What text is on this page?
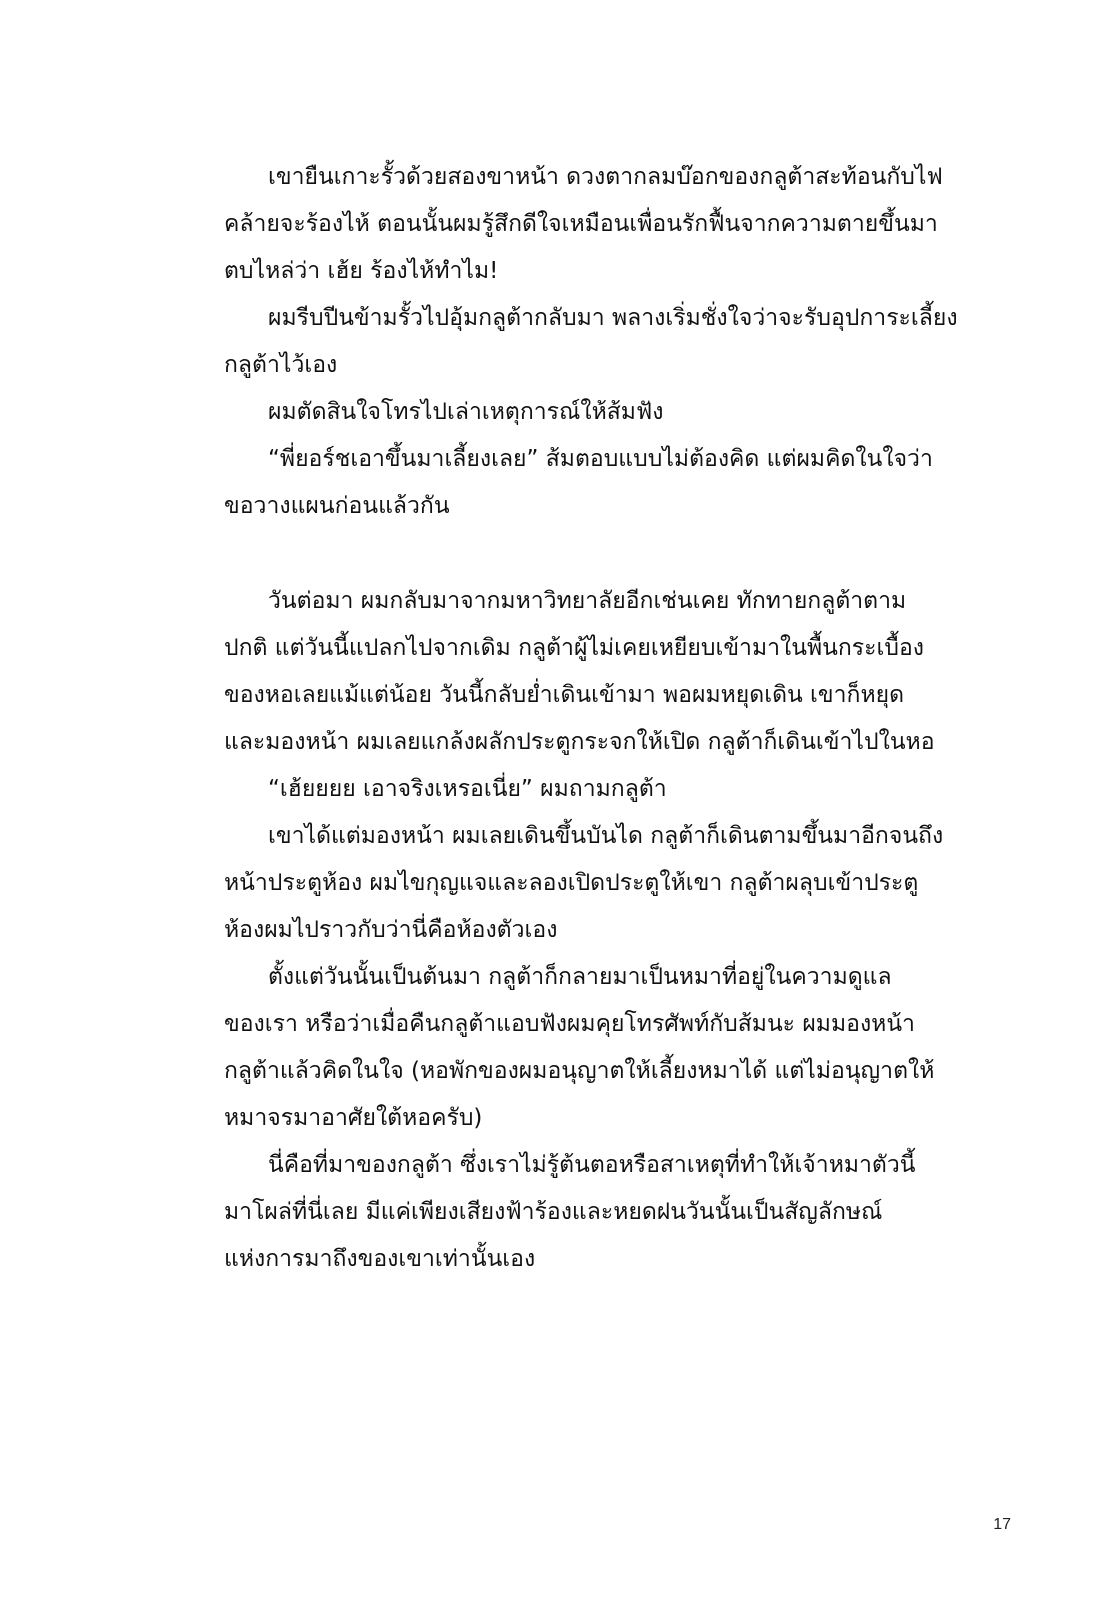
เขายืนเกาะรั้วด้วยสองขาหน้า ดวงตากลมบ๊อกของกลูต้าสะท้อนกับไฟ
คล้ายจะร้องไห้ ตอนนั้นผมรู้สึกดีใจเหมือนเพื่อนรักฟื้นจากความตายขึ้นมา
ตบไหล่ว่า เฮ้ย ร้องไห้ทำไม!
ผมรีบปีนข้ามรั้วไปอุ้มกลูต้ากลับมา พลางเริ่มชั่งใจว่าจะรับอุปการะเลี้ยง
กลูต้าไว้เอง
ผมตัดสินใจโทรไปเล่าเหตุการณ์ให้ส้มฟัง
“พี่ยอร์ชเอาขึ้นมาเลี้ยงเลย” ส้มตอบแบบไม่ต้องคิด แต่ผมคิดในใจว่า
ขอวางแผนก่อนแล้วกัน
วันต่อมา ผมกลับมาจากมหาวิทยาลัยอีกเช่นเคย ทักทายกลูต้าตาม
ปกติ แต่วันนี้แปลกไปจากเดิม กลูต้าผู้ไม่เคยเหยียบเข้ามาในพื้นกระเบื้อง
ของหอเลยแม้แต่น้อย วันนี้กลับย่ำเดินเข้ามา พอผมหยุดเดิน เขาก็หยุด
และมองหน้า ผมเลยแกล้งผลักประตูกระจกให้เปิด กลูต้าก็เดินเข้าไปในหอ
“เฮ้ยยยย เอาจริงเหรอเนี่ย” ผมถามกลูต้า
เขาได้แต่มองหน้า ผมเลยเดินขึ้นบันได กลูต้าก็เดินตามขึ้นมาอีกจนถึง
หน้าประตูห้อง ผมไขกุญแจและลองเปิดประตูให้เขา กลูต้าผลุบเข้าประตู
ห้องผมไปราวกับว่านี่คือห้องตัวเอง
ตั้งแต่วันนั้นเป็นต้นมา กลูต้าก็กลายมาเป็นหมาที่อยู่ในความดูแล
ของเรา หรือว่าเมื่อคืนกลูต้าแอบฟังผมคุยโทรศัพท์กับส้มนะ ผมมองหน้า
กลูต้าแล้วคิดในใจ (หอพักของผมอนุญาตให้เลี้ยงหมาได้ แต่ไม่อนุญาตให้
หมาจรมาอาศัยใต้หอครับ)
นี่คือที่มาของกลูต้า ซึ่งเราไม่รู้ต้นตอหรือสาเหตุที่ทำให้เจ้าหมาตัวนี้
มาโผล่ที่นี่เลย มีแค่เพียงเสียงฟ้าร้องและหยดฝนวันนั้นเป็นสัญลักษณ์
แห่งการมาถึงของเขาเท่านั้นเอง
17
